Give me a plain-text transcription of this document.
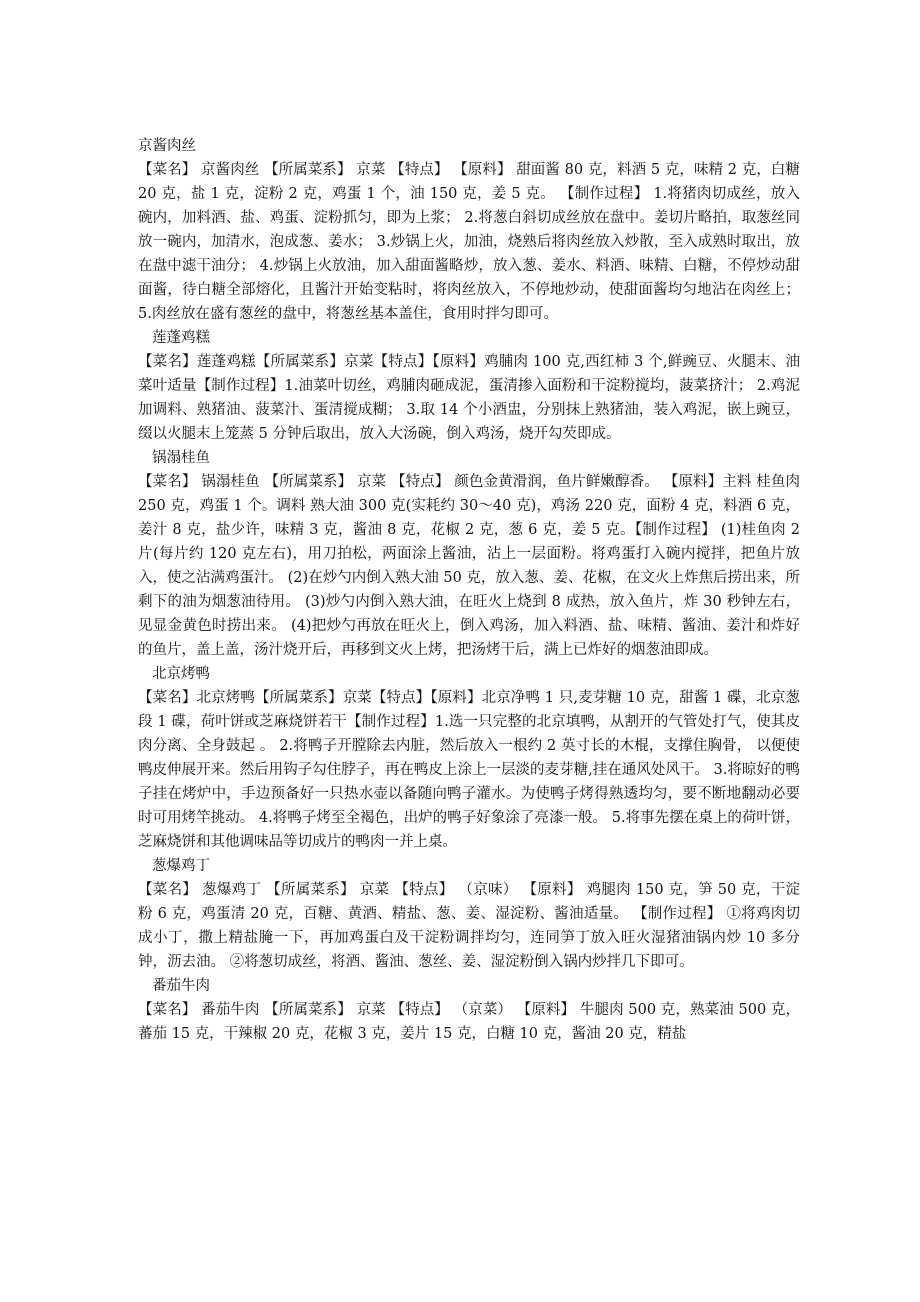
京酱肉丝

【菜名】 京酱肉丝 【所属菜系】 京菜 【特点】 【原料】 甜面酱 80 克，料酒 5 克，味精 2 克，白糖 20 克，盐 1 克，淀粉 2 克，鸡蛋 1 个，油 150 克，姜 5 克。 【制作过程】 1.将猪肉切成丝，放入碗内，加料酒、盐、鸡蛋、淀粉抓匀，即为上浆； 2.将葱白斜切成丝放在盘中。姜切片略拍，取葱丝同放一碗内，加清水，泡成葱、姜水； 3.炒锅上火，加油，烧熟后将肉丝放入炒散，至入成熟时取出，放在盘中滤干油分； 4.炒锅上火放油，加入甜面酱略炒，放入葱、姜水、料酒、味精、白糖，不停炒动甜面酱，待白糖全部熔化，且酱汁开始变粘时，将肉丝放入，不停地炒动，使甜面酱均匀地沾在肉丝上； 5.肉丝放在盛有葱丝的盘中，将葱丝基本盖住，食用时拌匀即可。

莲蓬鸡糕

【菜名】莲蓬鸡糕【所属菜系】京菜【特点】【原料】鸡脯肉 100 克,西红柿 3 个,鲜豌豆、火腿末、油菜叶适量【制作过程】1.油菜叶切丝，鸡脯肉砸成泥，蛋清掺入面粉和干淀粉搅均，菠菜挤汁； 2.鸡泥加调料、熟猪油、菠菜汁、蛋清搅成糊； 3.取 14 个小酒盅，分别抹上熟猪油，装入鸡泥，嵌上豌豆，缀以火腿末上笼蒸 5 分钟后取出，放入大汤碗，倒入鸡汤，烧开勾芡即成。

锅溻桂鱼

【菜名】 锅溻桂鱼 【所属菜系】 京菜 【特点】 颜色金黄滑润，鱼片鲜嫩醇香。 【原料】主料 桂鱼肉 250 克，鸡蛋 1 个。调料 熟大油 300 克(实耗约 30～40 克)，鸡汤 220 克，面粉 4 克，料酒 6 克，姜汁 8 克，盐少许，味精 3 克，酱油 8 克，花椒 2 克，葱 6 克，姜 5 克。【制作过程】 (1)桂鱼肉 2 片(每片约 120 克左右)，用刀拍松，两面涂上酱油，沾上一层面粉。将鸡蛋打入碗内搅拌，把鱼片放入，使之沾满鸡蛋汁。 (2)在炒勺内倒入熟大油 50 克，放入葱、姜、花椒，在文火上炸焦后捞出来，所剩下的油为烟葱油待用。 (3)炒勺内倒入熟大油，在旺火上烧到 8 成热，放入鱼片，炸 30 秒钟左右，见显金黄色时捞出来。 (4)把炒勺再放在旺火上，倒入鸡汤，加入料酒、盐、味精、酱油、姜汁和炸好的鱼片，盖上盖，汤汁烧开后，再移到文火上烤，把汤烤干后，满上已炸好的烟葱油即成。

北京烤鸭

【菜名】北京烤鸭【所属菜系】京菜【特点】【原料】北京净鸭 1 只,麦芽糖 10 克，甜酱 1 碟，北京葱段 1 碟，荷叶饼或芝麻烧饼若干【制作过程】1.选一只完整的北京填鸭，从割开的气管处打气，使其皮肉分离、全身鼓起 。 2.将鸭子开膛除去内脏，然后放入一根约 2 英寸长的木棍，支撑住胸骨， 以便使鸭皮伸展开来。然后用钩子勾住脖子，再在鸭皮上涂上一层淡的麦芽糖,挂在通风处风干。 3.将晾好的鸭子挂在烤炉中，手边预备好一只热水壶以备随向鸭子灌水。为使鸭子烤得熟透均匀，要不断地翻动必要时可用烤竿挑动。 4.将鸭子烤至全褐色，出炉的鸭子好象涂了亮漆一般。 5.将事先摆在桌上的荷叶饼，芝麻烧饼和其他调味品等切成片的鸭肉一并上桌。

葱爆鸡丁

【菜名】 葱爆鸡丁 【所属菜系】 京菜 【特点】 （京味） 【原料】 鸡腿肉 150 克，笋 50 克，干淀粉 6 克，鸡蛋清 20 克，百糖、黄酒、精盐、葱、姜、湿淀粉、酱油适量。 【制作过程】 ①将鸡肉切成小丁，撒上精盐腌一下，再加鸡蛋白及干淀粉调拌均匀，连同笋丁放入旺火湿猪油锅内炒 10 多分钟，沥去油。 ②将葱切成丝，将酒、酱油、葱丝、姜、湿淀粉倒入锅内炒拌几下即可。

番茄牛肉

【菜名】 番茄牛肉 【所属菜系】 京菜 【特点】 （京菜） 【原料】 牛腿肉 500 克，熟菜油 500 克，蕃茄 15 克，干辣椒 20 克，花椒 3 克，姜片 15 克，白糖 10 克，酱油 20 克，精盐
